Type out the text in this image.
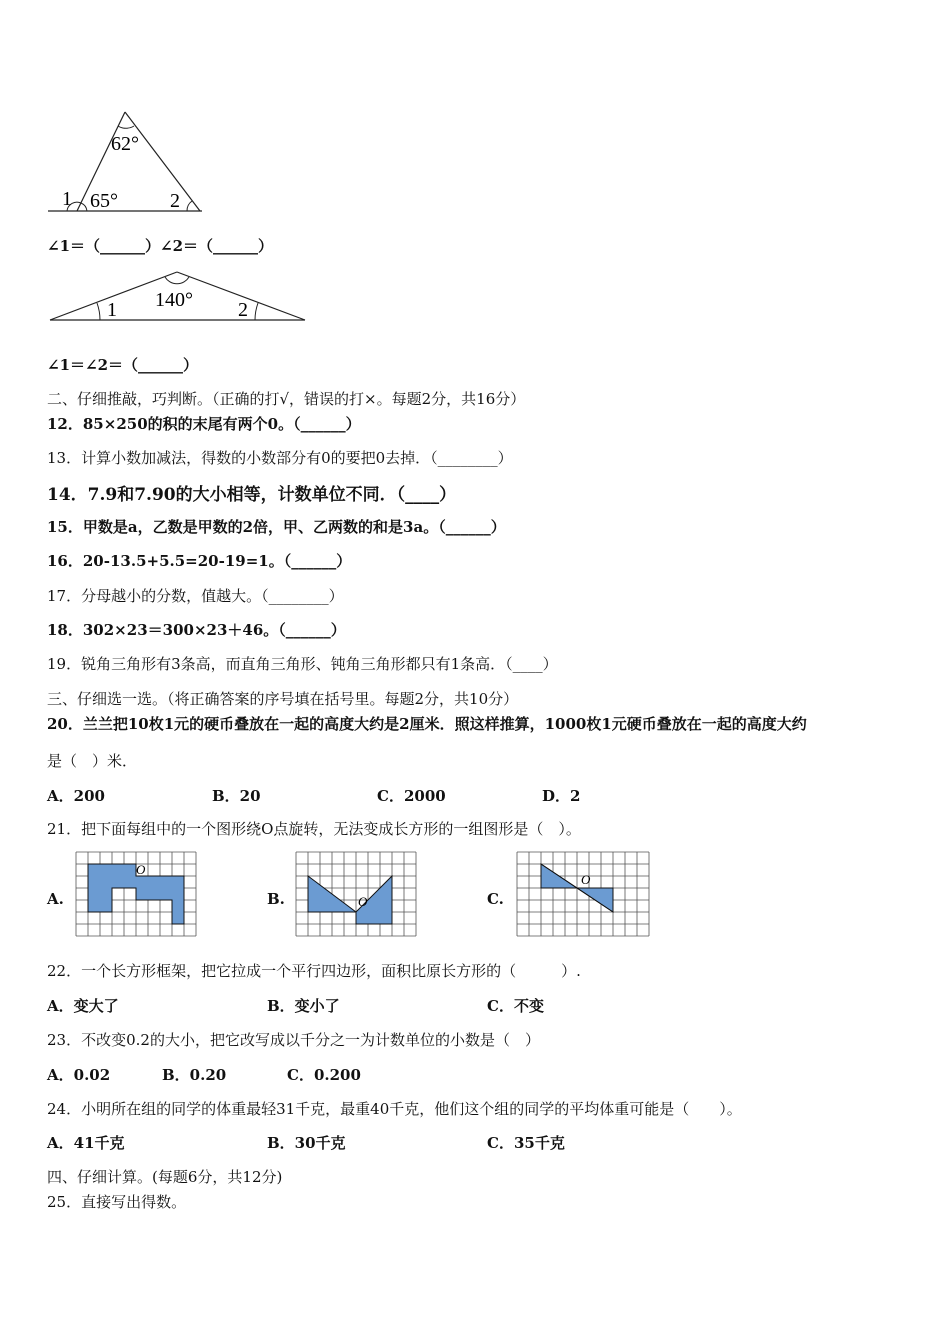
62°
1 65°	2
∠1＝（______）∠2＝（______）
140°
1	2
∠1＝∠2＝（______）
二、仔细推敲，巧判断。（正确的打√，错误的打×。每题2分，共16分）
12．85×250的积的末尾有两个0。（______）
13．计算小数加减法，得数的小数部分有0的要把0去掉．（________）
14．7.9和7.90的大小相等，计数单位不同．（____）
15．甲数是a，乙数是甲数的2倍，甲、乙两数的和是3a。（______）
16．20-13.5+5.5=20-19=1。（______）
17．分母越小的分数，值越大。（________）
18．302×23＝300×23＋46。（______）
19．锐角三角形有3条高，而直角三角形、钝角三角形都只有1条高．（____）
三、仔细选一选。（将正确答案的序号填在括号里。每题2分，共10分）
20．兰兰把10枚1元的硬币叠放在一起的高度大约是2厘米．照这样推算，1000枚1元硬币叠放在一起的高度大约
是（　）米．
A．200	B．20	C．2000	D．2
21．把下面每组中的一个图形绕O点旋转，无法变成长方形的一组图形是（　）。
A.	B.	C.
O
O
O
22．一个长方形框架，把它拉成一个平行四边形，面积比原长方形的（　　　）.
A．变大了	B．变小了	C．不变
23．不改变0.2的大小，把它改写成以千分之一为计数单位的小数是（　）
A．0.02	B．0.20	C．0.200
24．小明所在组的同学的体重最轻31千克，最重40千克，他们这个组的同学的平均体重可能是（　　）。
A．41千克	B．30千克	C．35千克
四、仔细计算。(每题6分，共12分)
25．直接写出得数。
